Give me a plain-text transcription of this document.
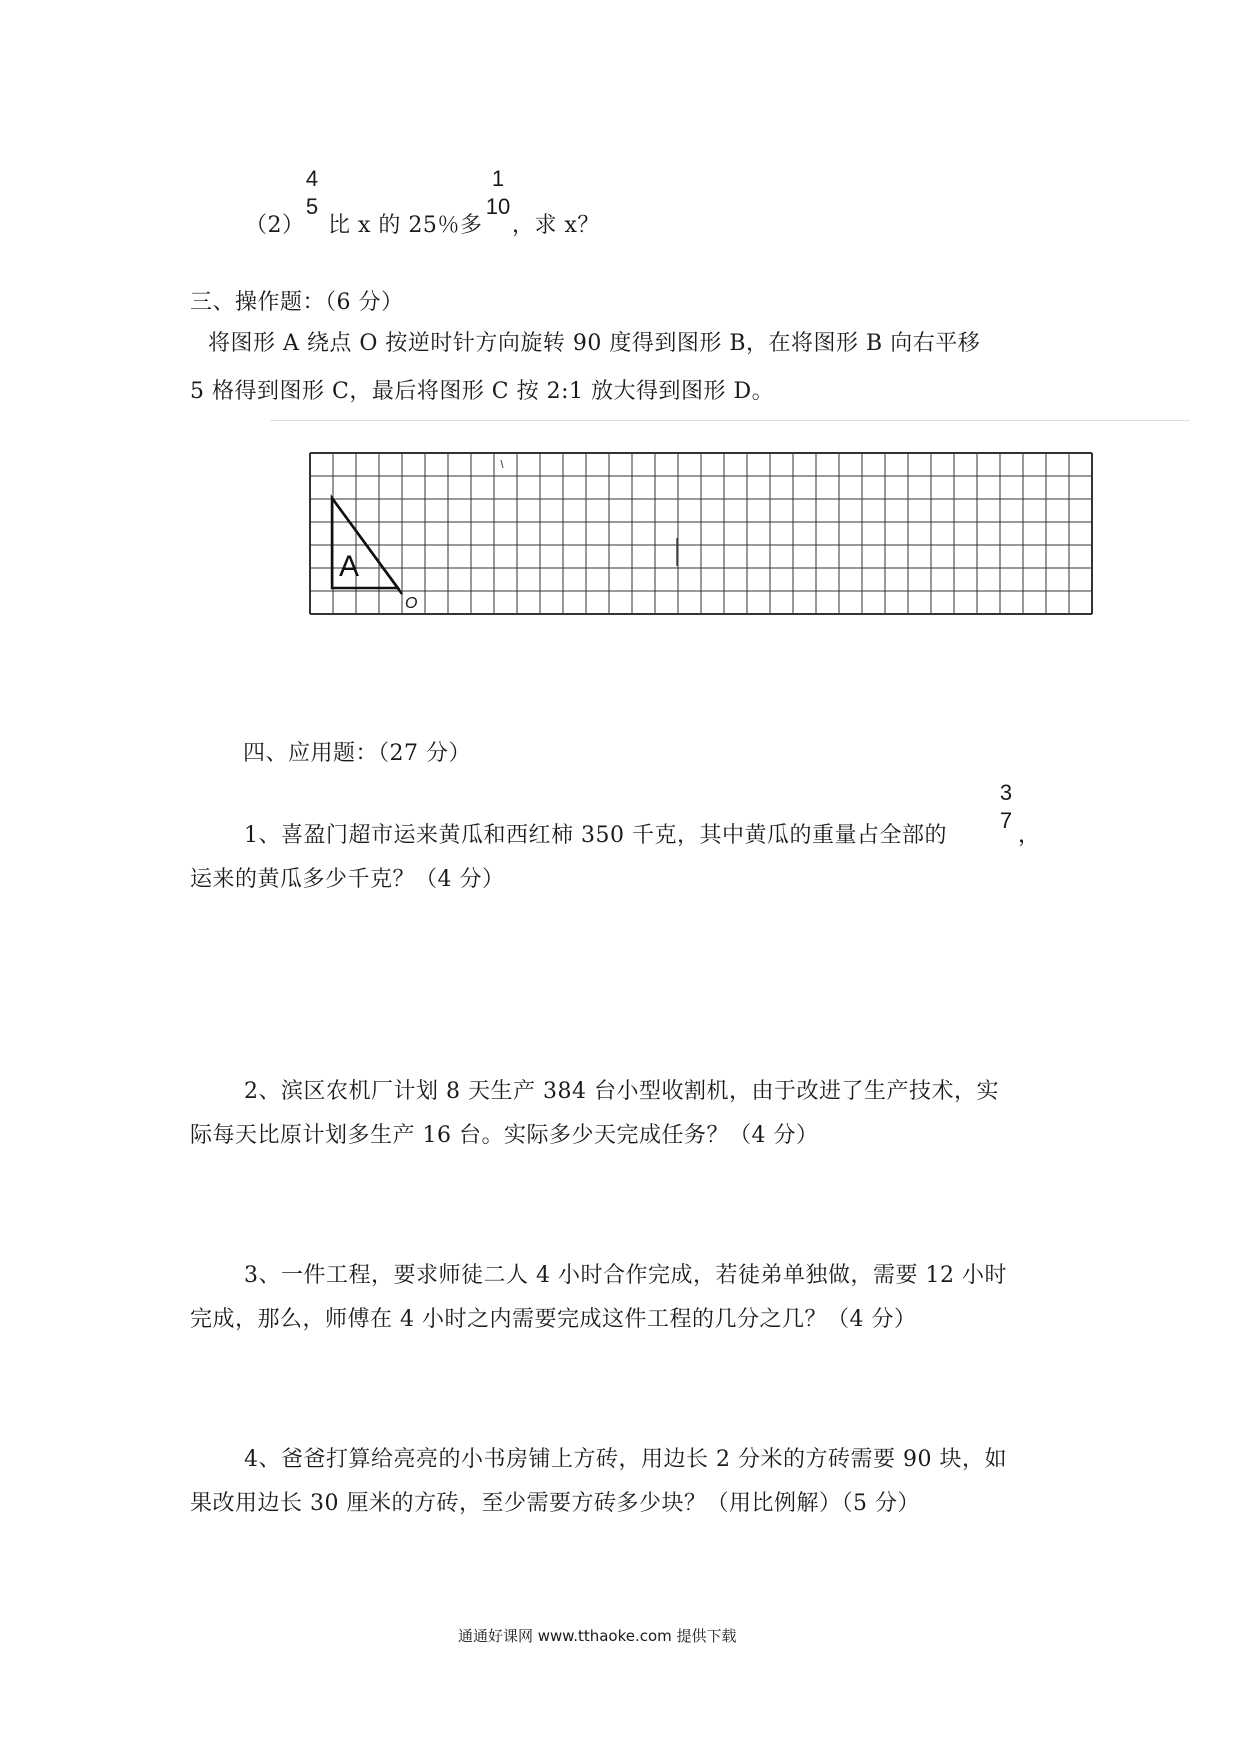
（2）
4
5
比 x 的 25％多
1
10
，求 x？
三、操作题：（6 分）
将图形 A 绕点 O 按逆时针方向旋转 90 度得到图形 B，在将图形 B 向右平移
5 格得到图形 C，最后将图形 C 按 2:1 放大得到图形 D。
A
O
四、应用题：（27 分）
1、喜盈门超市运来黄瓜和西红柿 350 千克，其中黄瓜的重量占全部的
3
7
，
运来的黄瓜多少千克？（4 分）
2、滨区农机厂计划 8 天生产 384 台小型收割机，由于改进了生产技术，实
际每天比原计划多生产 16 台。实际多少天完成任务？（4 分）
3、一件工程，要求师徒二人 4 小时合作完成，若徒弟单独做，需要 12 小时
完成，那么，师傅在 4 小时之内需要完成这件工程的几分之几？（4 分）
4、爸爸打算给亮亮的小书房铺上方砖，用边长 2 分米的方砖需要 90 块，如
果改用边长 30 厘米的方砖，至少需要方砖多少块？（用比例解）（5 分）
通通好课网 www.tthaoke.com 提供下载
